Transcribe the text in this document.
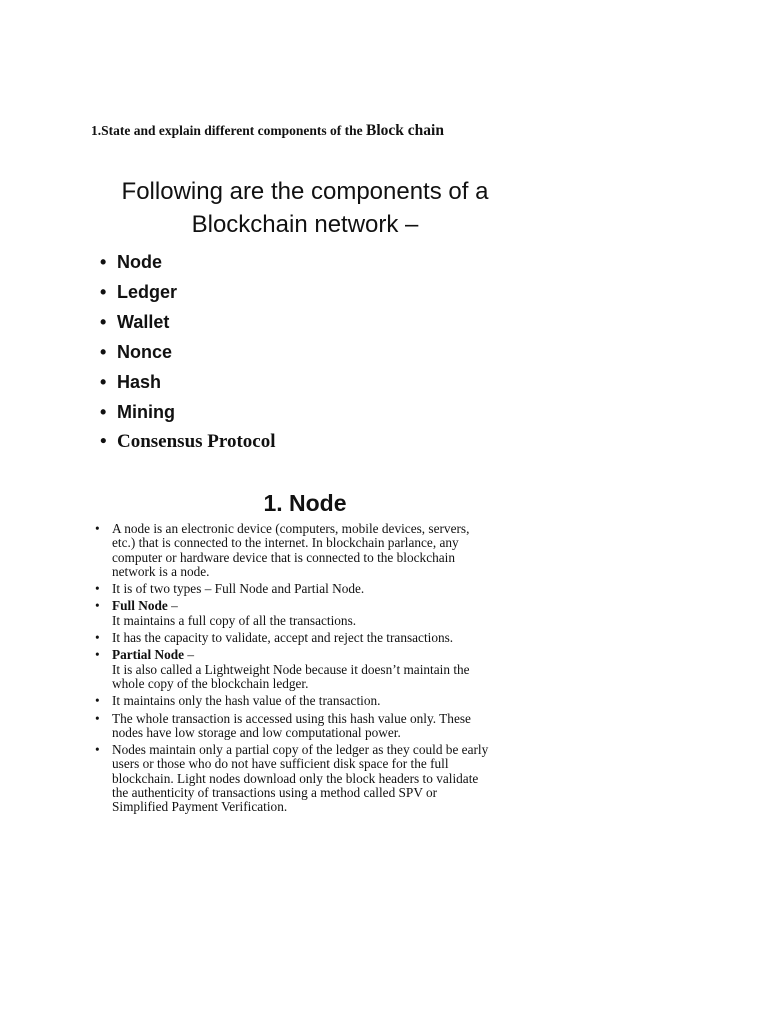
1.State and explain different components of the Block chain
Following are the components of a
Blockchain network –
• Node
• Ledger
• Wallet
• Nonce
• Hash
• Mining
• Consensus Protocol
1. Node
• A node is an electronic device (computers, mobile devices, servers,
etc.) that is connected to the internet. In blockchain parlance, any
computer or hardware device that is connected to the blockchain
network is a node.
• It is of two types – Full Node and Partial Node.
• Full Node –
It maintains a full copy of all the transactions.
• It has the capacity to validate, accept and reject the transactions.
• Partial Node –
It is also called a Lightweight Node because it doesn’t maintain the
whole copy of the blockchain ledger.
• It maintains only the hash value of the transaction.
• The whole transaction is accessed using this hash value only. These
nodes have low storage and low computational power.
• Nodes maintain only a partial copy of the ledger as they could be early
users or those who do not have sufficient disk space for the full
blockchain. Light nodes download only the block headers to validate
the authenticity of transactions using a method called SPV or
Simplified Payment Verification.
